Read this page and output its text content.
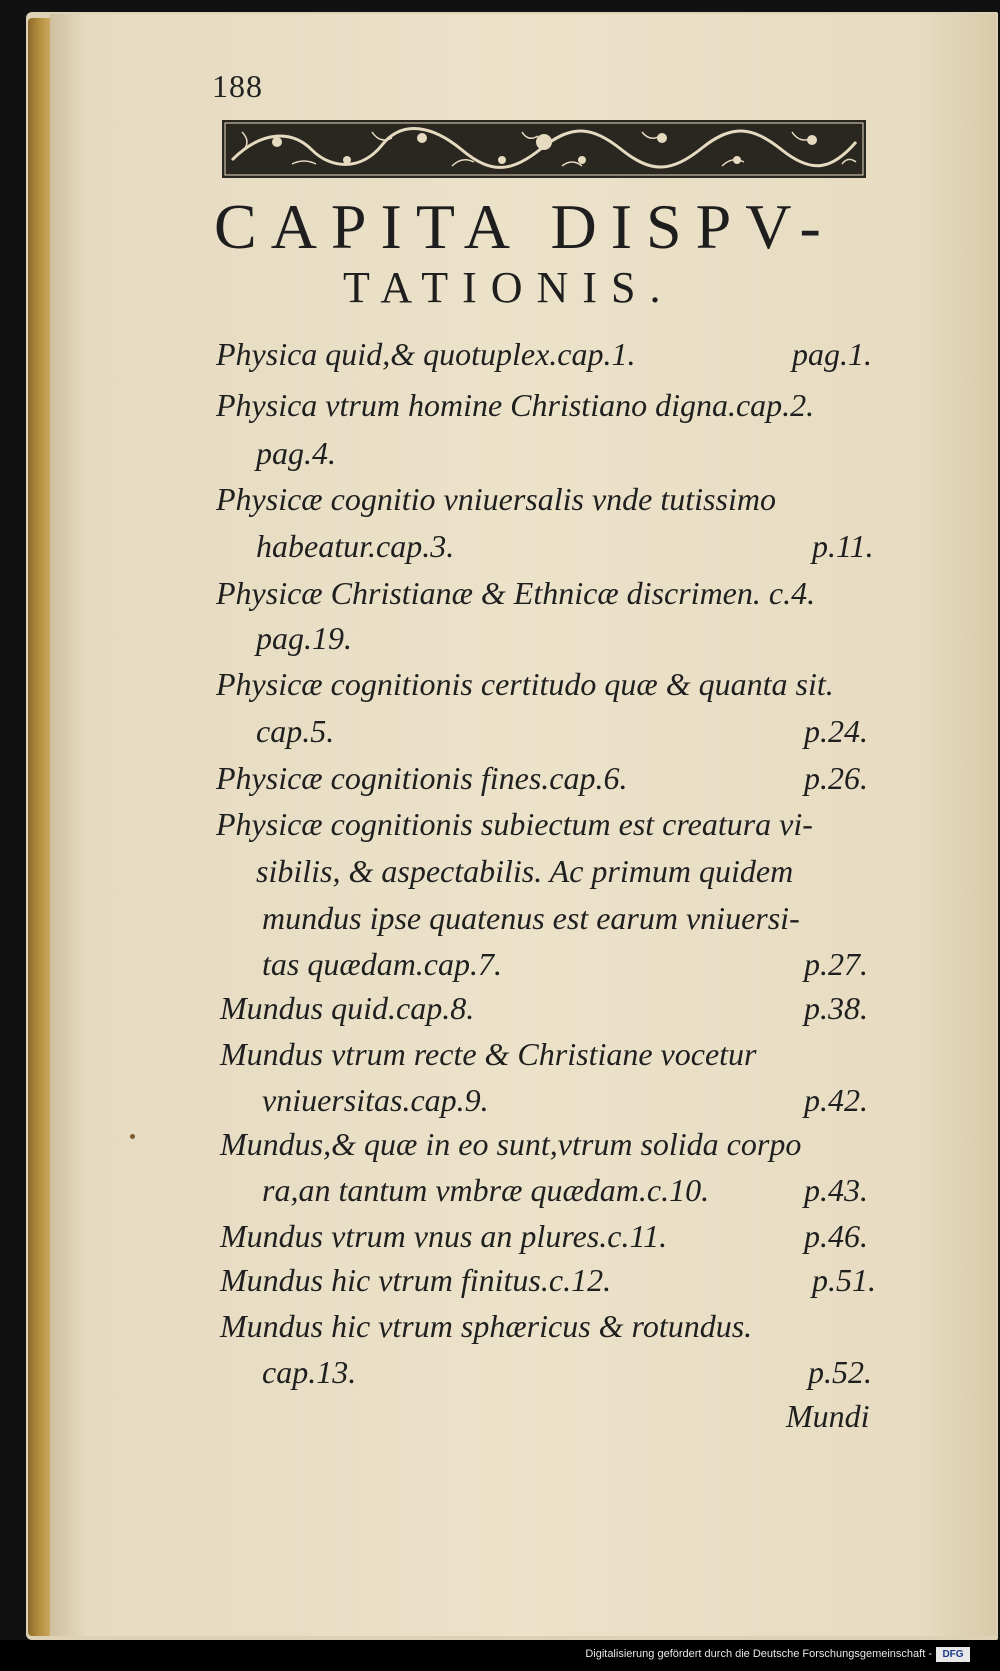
188
CAPITA DISPV-
TATIONIS.
Physica quid,& quotuplex.cap.1.	pag.1.
Physica vtrum homine Christiano digna.cap.2.
pag.4.
Physicæ cognitio vniuersalis vnde tutissimo
habeatur.cap.3.	p.11.
Physicæ Christianæ & Ethnicæ discrimen. c.4.
pag.19.
Physicæ cognitionis certitudo quæ & quanta sit.
cap.5.	p.24.
Physicæ cognitionis fines.cap.6.	p.26.
Physicæ cognitionis subiectum est creatura vi-
sibilis, & aspectabilis. Ac primum quidem
mundus ipse quatenus est earum vniuersi-
tas quædam.cap.7.	p.27.
Mundus quid.cap.8.	p.38.
Mundus vtrum recte & Christiane vocetur
vniuersitas.cap.9.	p.42.
Mundus,& quæ in eo sunt,vtrum solida corpo
ra,an tantum vmbræ quædam.c.10.	p.43.
Mundus vtrum vnus an plures.c.11.	p.46.
Mundus hic vtrum finitus.c.12.	p.51.
Mundus hic vtrum sphæricus & rotundus.
cap.13.	p.52.
Mundi
Digitalisierung gefördert durch die Deutsche Forschungsgemeinschaft -	DFG
